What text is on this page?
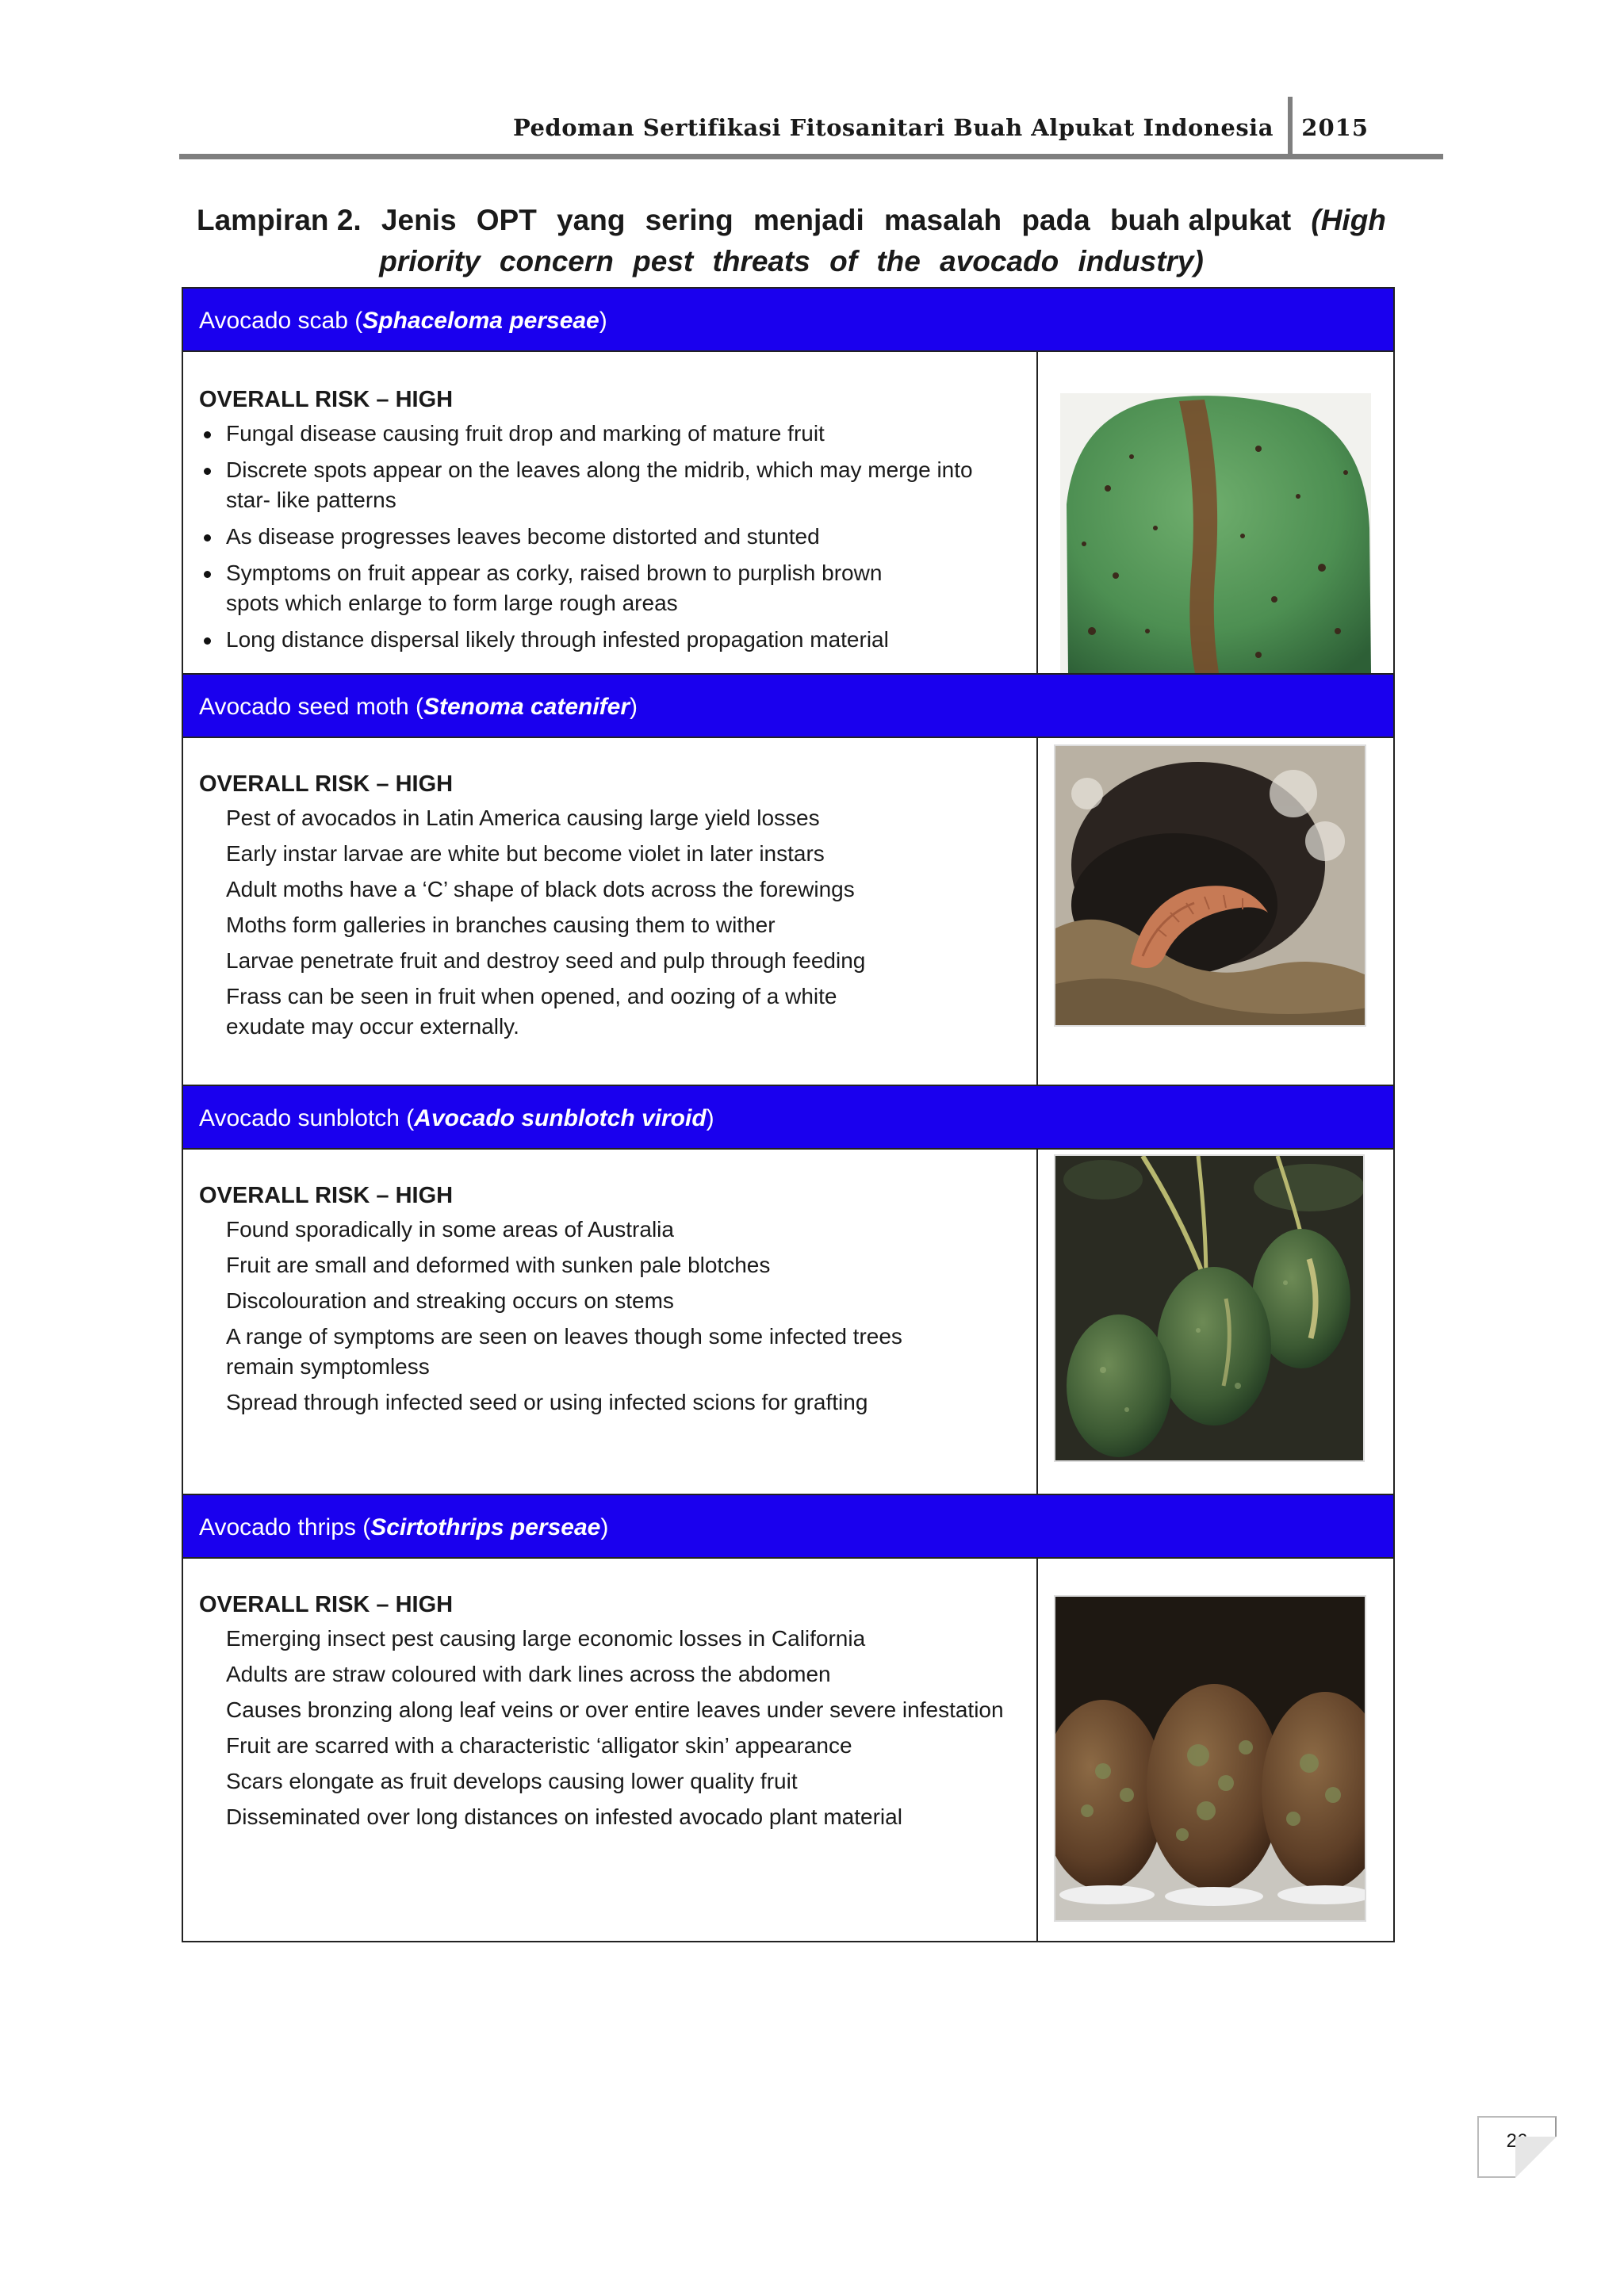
Pedoman Sertifikasi Fitosanitari Buah Alpukat Indonesia 2015
Lampiran 2. Jenis OPT yang sering menjadi masalah pada buah alpukat (High
priority concern pest threats of the avocado industry)
Avocado scab (Sphaceloma perseae)
OVERALL RISK – HIGH
Fungal disease causing fruit drop and marking of mature fruit
Discrete spots appear on the leaves along the midrib, which may merge into star- like patterns
As disease progresses leaves become distorted and stunted
Symptoms on fruit appear as corky, raised brown to purplish brown spots which enlarge to form large rough areas
Long distance dispersal likely through infested propagation material
Avocado seed moth (Stenoma catenifer)
OVERALL RISK – HIGH
Pest of avocados in Latin America causing large yield losses
Early instar larvae are white but become violet in later instars
Adult moths have a ‘C’ shape of black dots across the forewings
Moths form galleries in branches causing them to wither
Larvae penetrate fruit and destroy seed and pulp through feeding
Frass can be seen in fruit when opened, and oozing of a white exudate may occur externally.
Avocado sunblotch (Avocado sunblotch viroid)
OVERALL RISK – HIGH
Found sporadically in some areas of Australia
Fruit are small and deformed with sunken pale blotches
Discolouration and streaking occurs on stems
A range of symptoms are seen on leaves though some infected trees remain symptomless
Spread through infected seed or using infected scions for grafting
Avocado thrips (Scirtothrips perseae)
OVERALL RISK – HIGH
Emerging insect pest causing large economic losses in California
Adults are straw coloured with dark lines across the abdomen
Causes bronzing along leaf veins or over entire leaves under severe infestation
Fruit are scarred with a characteristic ‘alligator skin’ appearance
Scars elongate as fruit develops causing lower quality fruit
Disseminated over long distances on infested avocado plant material
26
